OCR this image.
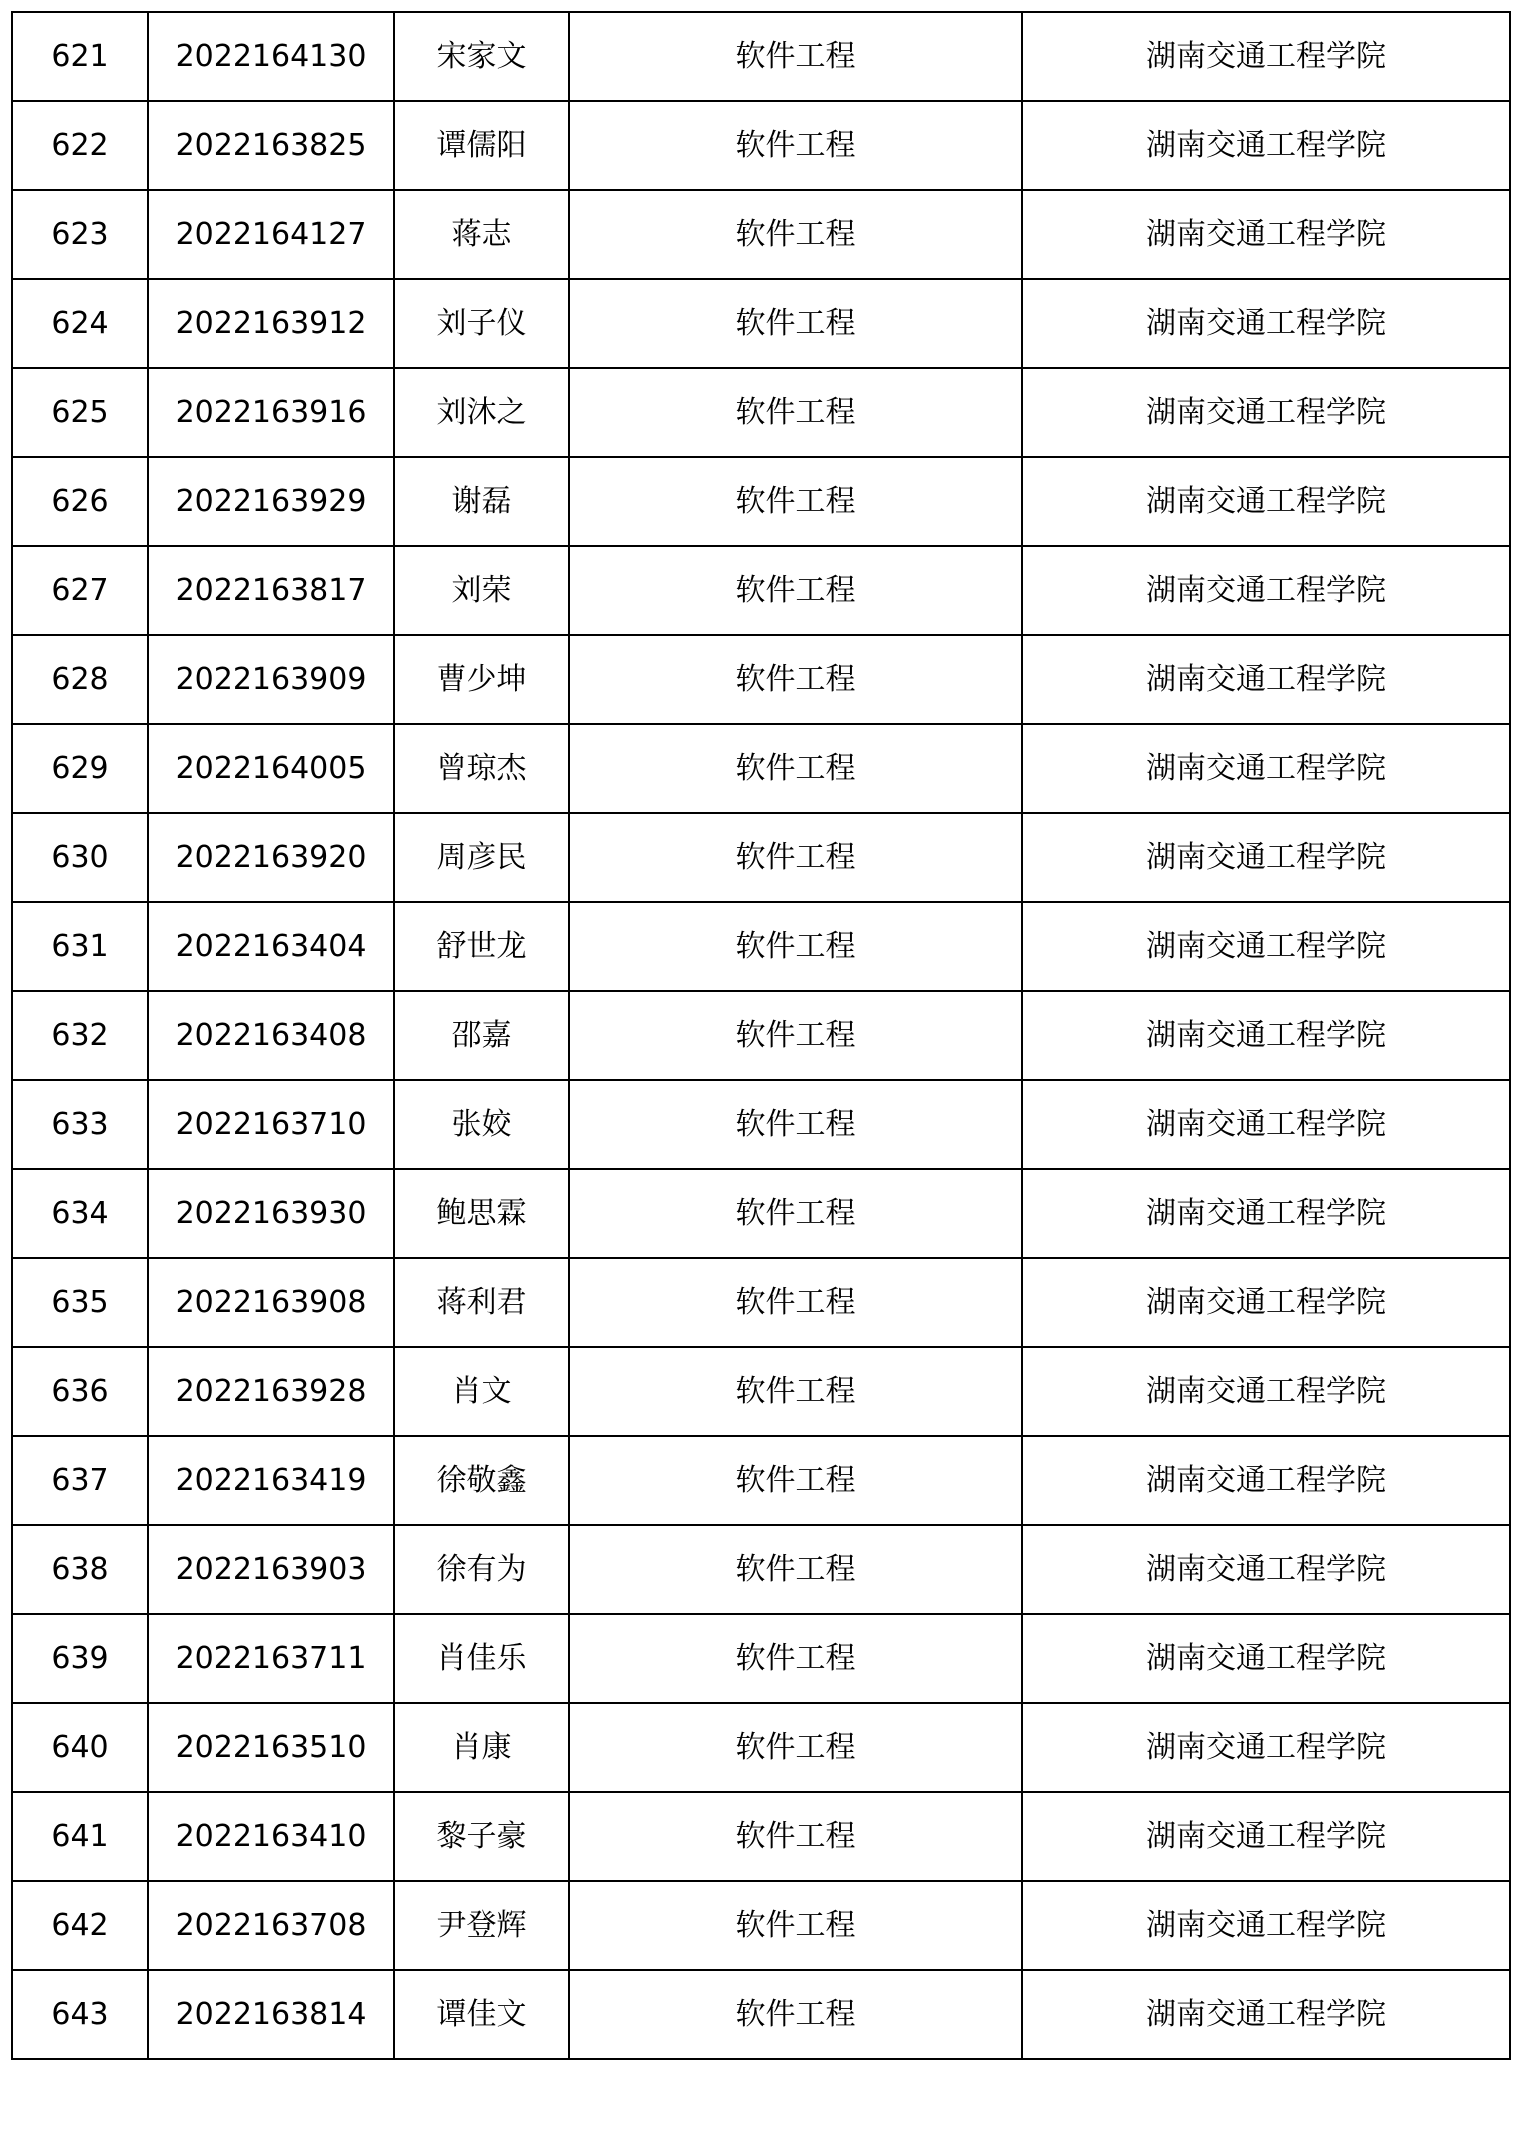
621	2022164130	宋家文	软件工程	湖南交通工程学院
622	2022163825	谭儒阳	软件工程	湖南交通工程学院
623	2022164127	蒋志	软件工程	湖南交通工程学院
624	2022163912	刘子仪	软件工程	湖南交通工程学院
625	2022163916	刘沐之	软件工程	湖南交通工程学院
626	2022163929	谢磊	软件工程	湖南交通工程学院
627	2022163817	刘荣	软件工程	湖南交通工程学院
628	2022163909	曹少坤	软件工程	湖南交通工程学院
629	2022164005	曾琼杰	软件工程	湖南交通工程学院
630	2022163920	周彦民	软件工程	湖南交通工程学院
631	2022163404	舒世龙	软件工程	湖南交通工程学院
632	2022163408	邵嘉	软件工程	湖南交通工程学院
633	2022163710	张姣	软件工程	湖南交通工程学院
634	2022163930	鲍思霖	软件工程	湖南交通工程学院
635	2022163908	蒋利君	软件工程	湖南交通工程学院
636	2022163928	肖文	软件工程	湖南交通工程学院
637	2022163419	徐敬鑫	软件工程	湖南交通工程学院
638	2022163903	徐有为	软件工程	湖南交通工程学院
639	2022163711	肖佳乐	软件工程	湖南交通工程学院
640	2022163510	肖康	软件工程	湖南交通工程学院
641	2022163410	黎子豪	软件工程	湖南交通工程学院
642	2022163708	尹登辉	软件工程	湖南交通工程学院
643	2022163814	谭佳文	软件工程	湖南交通工程学院
